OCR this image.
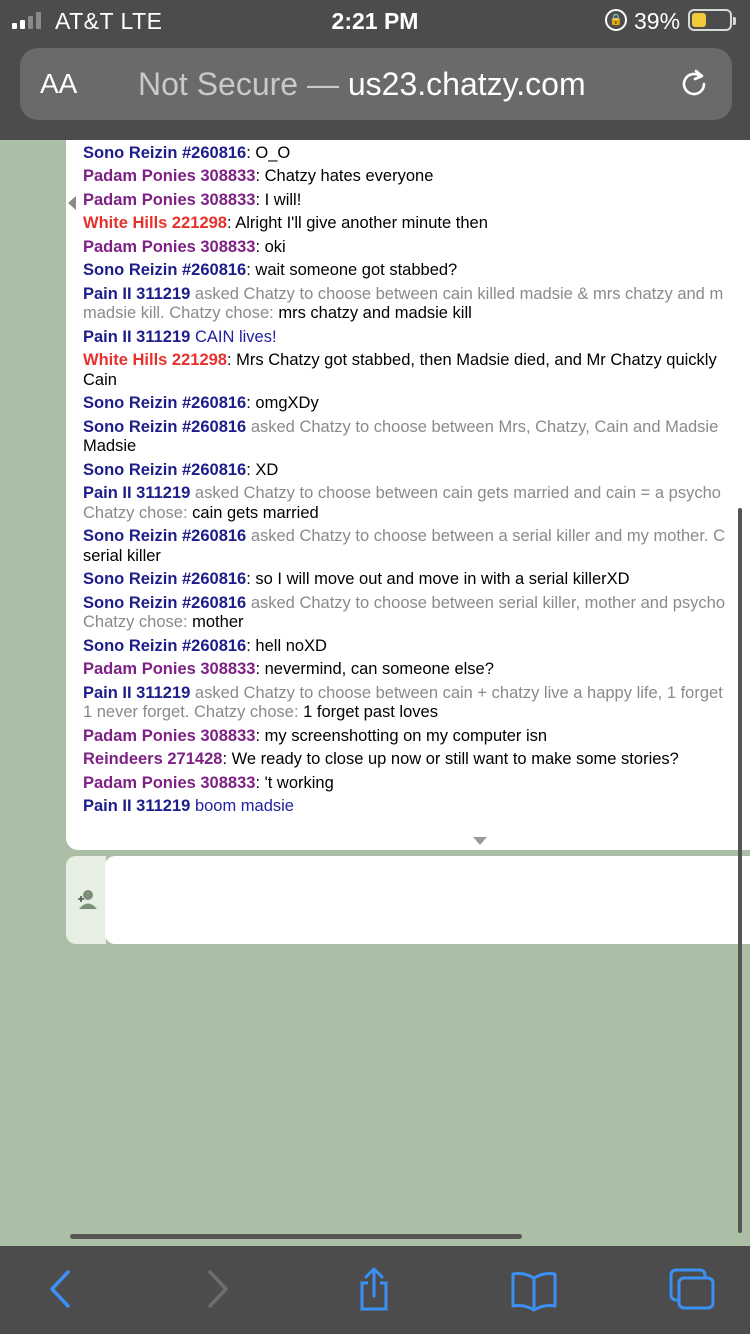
AT&T LTE	2:21 PM	🔒 39%
AA Not Secure — us23.chatzy.com
Sono Reizin #260816: O_O
Padam Ponies 308833: Chatzy hates everyone
Padam Ponies 308833: I will!
White Hills 221298: Alright I'll give another minute then
Padam Ponies 308833: oki
Sono Reizin #260816: wait someone got stabbed?
Pain II 311219 asked Chatzy to choose between cain killed madsie & mrs chatzy and m
madsie kill. Chatzy chose: mrs chatzy and madsie kill
Pain II 311219 CAIN lives!
White Hills 221298: Mrs Chatzy got stabbed, then Madsie died, and Mr Chatzy quickly
Cain
Sono Reizin #260816: omgXDy
Sono Reizin #260816 asked Chatzy to choose between Mrs, Chatzy, Cain and Madsie
Madsie
Sono Reizin #260816: XD
Pain II 311219 asked Chatzy to choose between cain gets married and cain = a psycho
Chatzy chose: cain gets married
Sono Reizin #260816 asked Chatzy to choose between a serial killer and my mother. C
serial killer
Sono Reizin #260816: so I will move out and move in with a serial killerXD
Sono Reizin #260816 asked Chatzy to choose between serial killer, mother and psycho
Chatzy chose: mother
Sono Reizin #260816: hell noXD
Padam Ponies 308833: nevermind, can someone else?
Pain II 311219 asked Chatzy to choose between cain + chatzy live a happy life, 1 forget
1 never forget. Chatzy chose: 1 forget past loves
Padam Ponies 308833: my screenshotting on my computer isn
Reindeers 271428: We ready to close up now or still want to make some stories?
Padam Ponies 308833: 't working
Pain II 311219 boom madsie
